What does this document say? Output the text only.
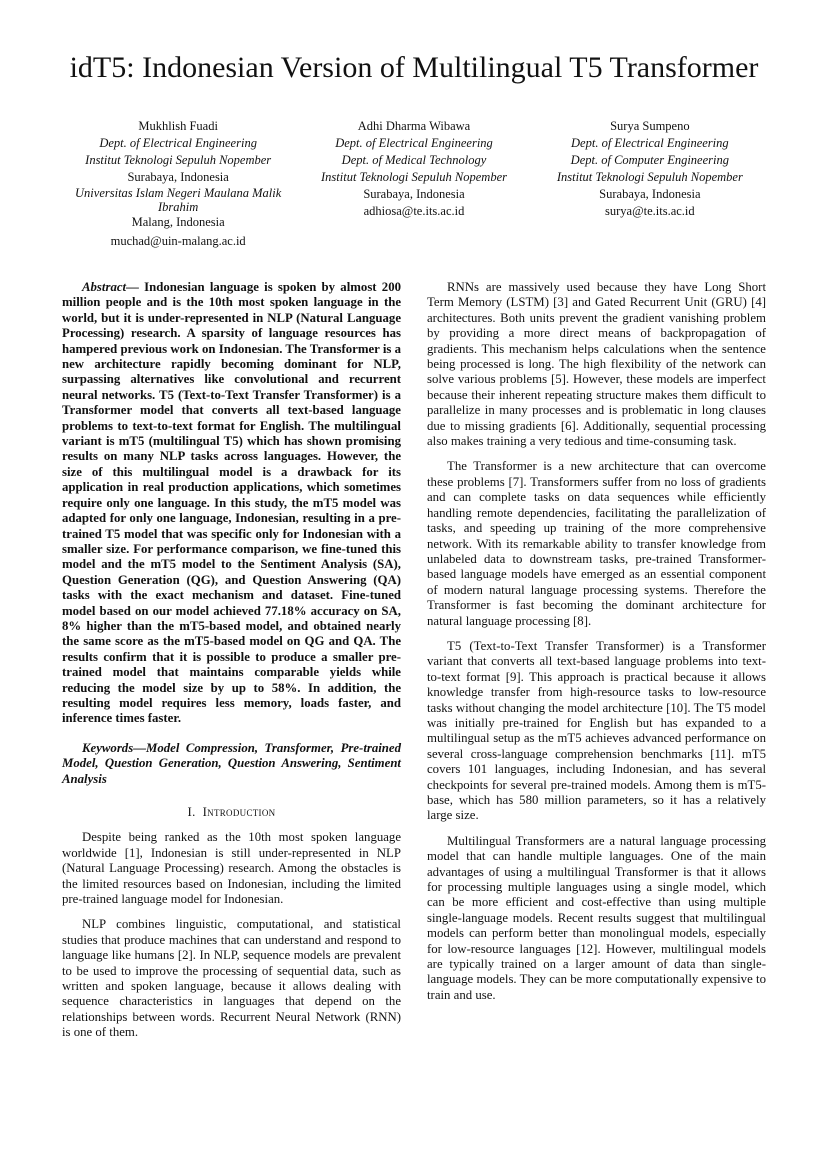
idT5: Indonesian Version of Multilingual T5 Transformer
Mukhlish Fuadi
Dept. of Electrical Engineering
Institut Teknologi Sepuluh Nopember
Surabaya, Indonesia
Universitas Islam Negeri Maulana Malik Ibrahim
Malang, Indonesia
muchad@uin-malang.ac.id
Adhi Dharma Wibawa
Dept. of Electrical Engineering
Dept. of Medical Technology
Institut Teknologi Sepuluh Nopember
Surabaya, Indonesia
adhiosa@te.its.ac.id
Surya Sumpeno
Dept. of Electrical Engineering
Dept. of Computer Engineering
Institut Teknologi Sepuluh Nopember
Surabaya, Indonesia
surya@te.its.ac.id

Abstract— Indonesian language is spoken by almost 200 million people and is the 10th most spoken language in the world, but it is under-represented in NLP (Natural Language Processing) research. A sparsity of language resources has hampered previous work on Indonesian. The Transformer is a new architecture rapidly becoming dominant for NLP, surpassing alternatives like convolutional and recurrent neural networks. T5 (Text-to-Text Transfer Transformer) is a Transformer model that converts all text-based language problems to text-to-text format for English. The multilingual variant is mT5 (multilingual T5) which has shown promising results on many NLP tasks across languages. However, the size of this multilingual model is a drawback for its application in real production applications, which sometimes require only one language. In this study, the mT5 model was adapted for only one language, Indonesian, resulting in a pre-trained T5 model that was specific only for Indonesian with a smaller size. For performance comparison, we fine-tuned this model and the mT5 model to the Sentiment Analysis (SA), Question Generation (QG), and Question Answering (QA) tasks with the exact mechanism and dataset. Fine-tuned model based on our model achieved 77.18% accuracy on SA, 8% higher than the mT5-based model, and obtained nearly the same score as the mT5-based model on QG and QA. The results confirm that it is possible to produce a smaller pre-trained model that maintains comparable yields while reducing the model size by up to 58%. In addition, the resulting model requires less memory, loads faster, and inference times faster.

Keywords—Model Compression, Transformer, Pre-trained Model, Question Generation, Question Answering, Sentiment Analysis

I. Introduction

Despite being ranked as the 10th most spoken language worldwide [1], Indonesian is still under-represented in NLP (Natural Language Processing) research. Among the obstacles is the limited resources based on Indonesian, including the limited pre-trained language model for Indonesian.

NLP combines linguistic, computational, and statistical studies that produce machines that can understand and respond to language like humans [2]. In NLP, sequence models are prevalent to be used to improve the processing of sequential data, such as written and spoken language, because it allows dealing with sequence characteristics in languages that depend on the relationships between words. Recurrent Neural Network (RNN) is one of them.

RNNs are massively used because they have Long Short Term Memory (LSTM) [3] and Gated Recurrent Unit (GRU) [4] architectures. Both units prevent the gradient vanishing problem by providing a more direct means of backpropagation of gradients. This mechanism helps calculations when the sentence being processed is long. The high flexibility of the network can solve various problems [5]. However, these models are imperfect because their inherent repeating structure makes them difficult to parallelize in many processes and is problematic in long clauses due to missing gradients [6]. Additionally, sequential processing also makes training a very tedious and time-consuming task.

The Transformer is a new architecture that can overcome these problems [7]. Transformers suffer from no loss of gradients and can complete tasks on data sequences while efficiently handling remote dependencies, facilitating the parallelization of tasks, and speeding up training of the more comprehensive network. With its remarkable ability to transfer knowledge from unlabeled data to downstream tasks, pre-trained Transformer-based language models have emerged as an essential component of modern natural language processing systems. Therefore the Transformer is fast becoming the dominant architecture for natural language processing [8].

T5 (Text-to-Text Transfer Transformer) is a Transformer variant that converts all text-based language problems into text-to-text format [9]. This approach is practical because it allows knowledge transfer from high-resource tasks to low-resource tasks without changing the model architecture [10]. The T5 model was initially pre-trained for English but has expanded to a multilingual setup as the mT5 achieves advanced performance on several cross-language comprehension benchmarks [11]. mT5 covers 101 languages, including Indonesian, and has several checkpoints for several pre-trained models. Among them is mT5-base, which has 580 million parameters, so it has a relatively large size.

Multilingual Transformers are a natural language processing model that can handle multiple languages. One of the main advantages of using a multilingual Transformer is that it allows for processing multiple languages using a single model, which can be more efficient and cost-effective than using multiple single-language models. Recent results suggest that multilingual models can perform better than monolingual models, especially for low-resource languages [12]. However, multilingual models are typically trained on a larger amount of data than single-language models. They can be more computationally expensive to train and use.
